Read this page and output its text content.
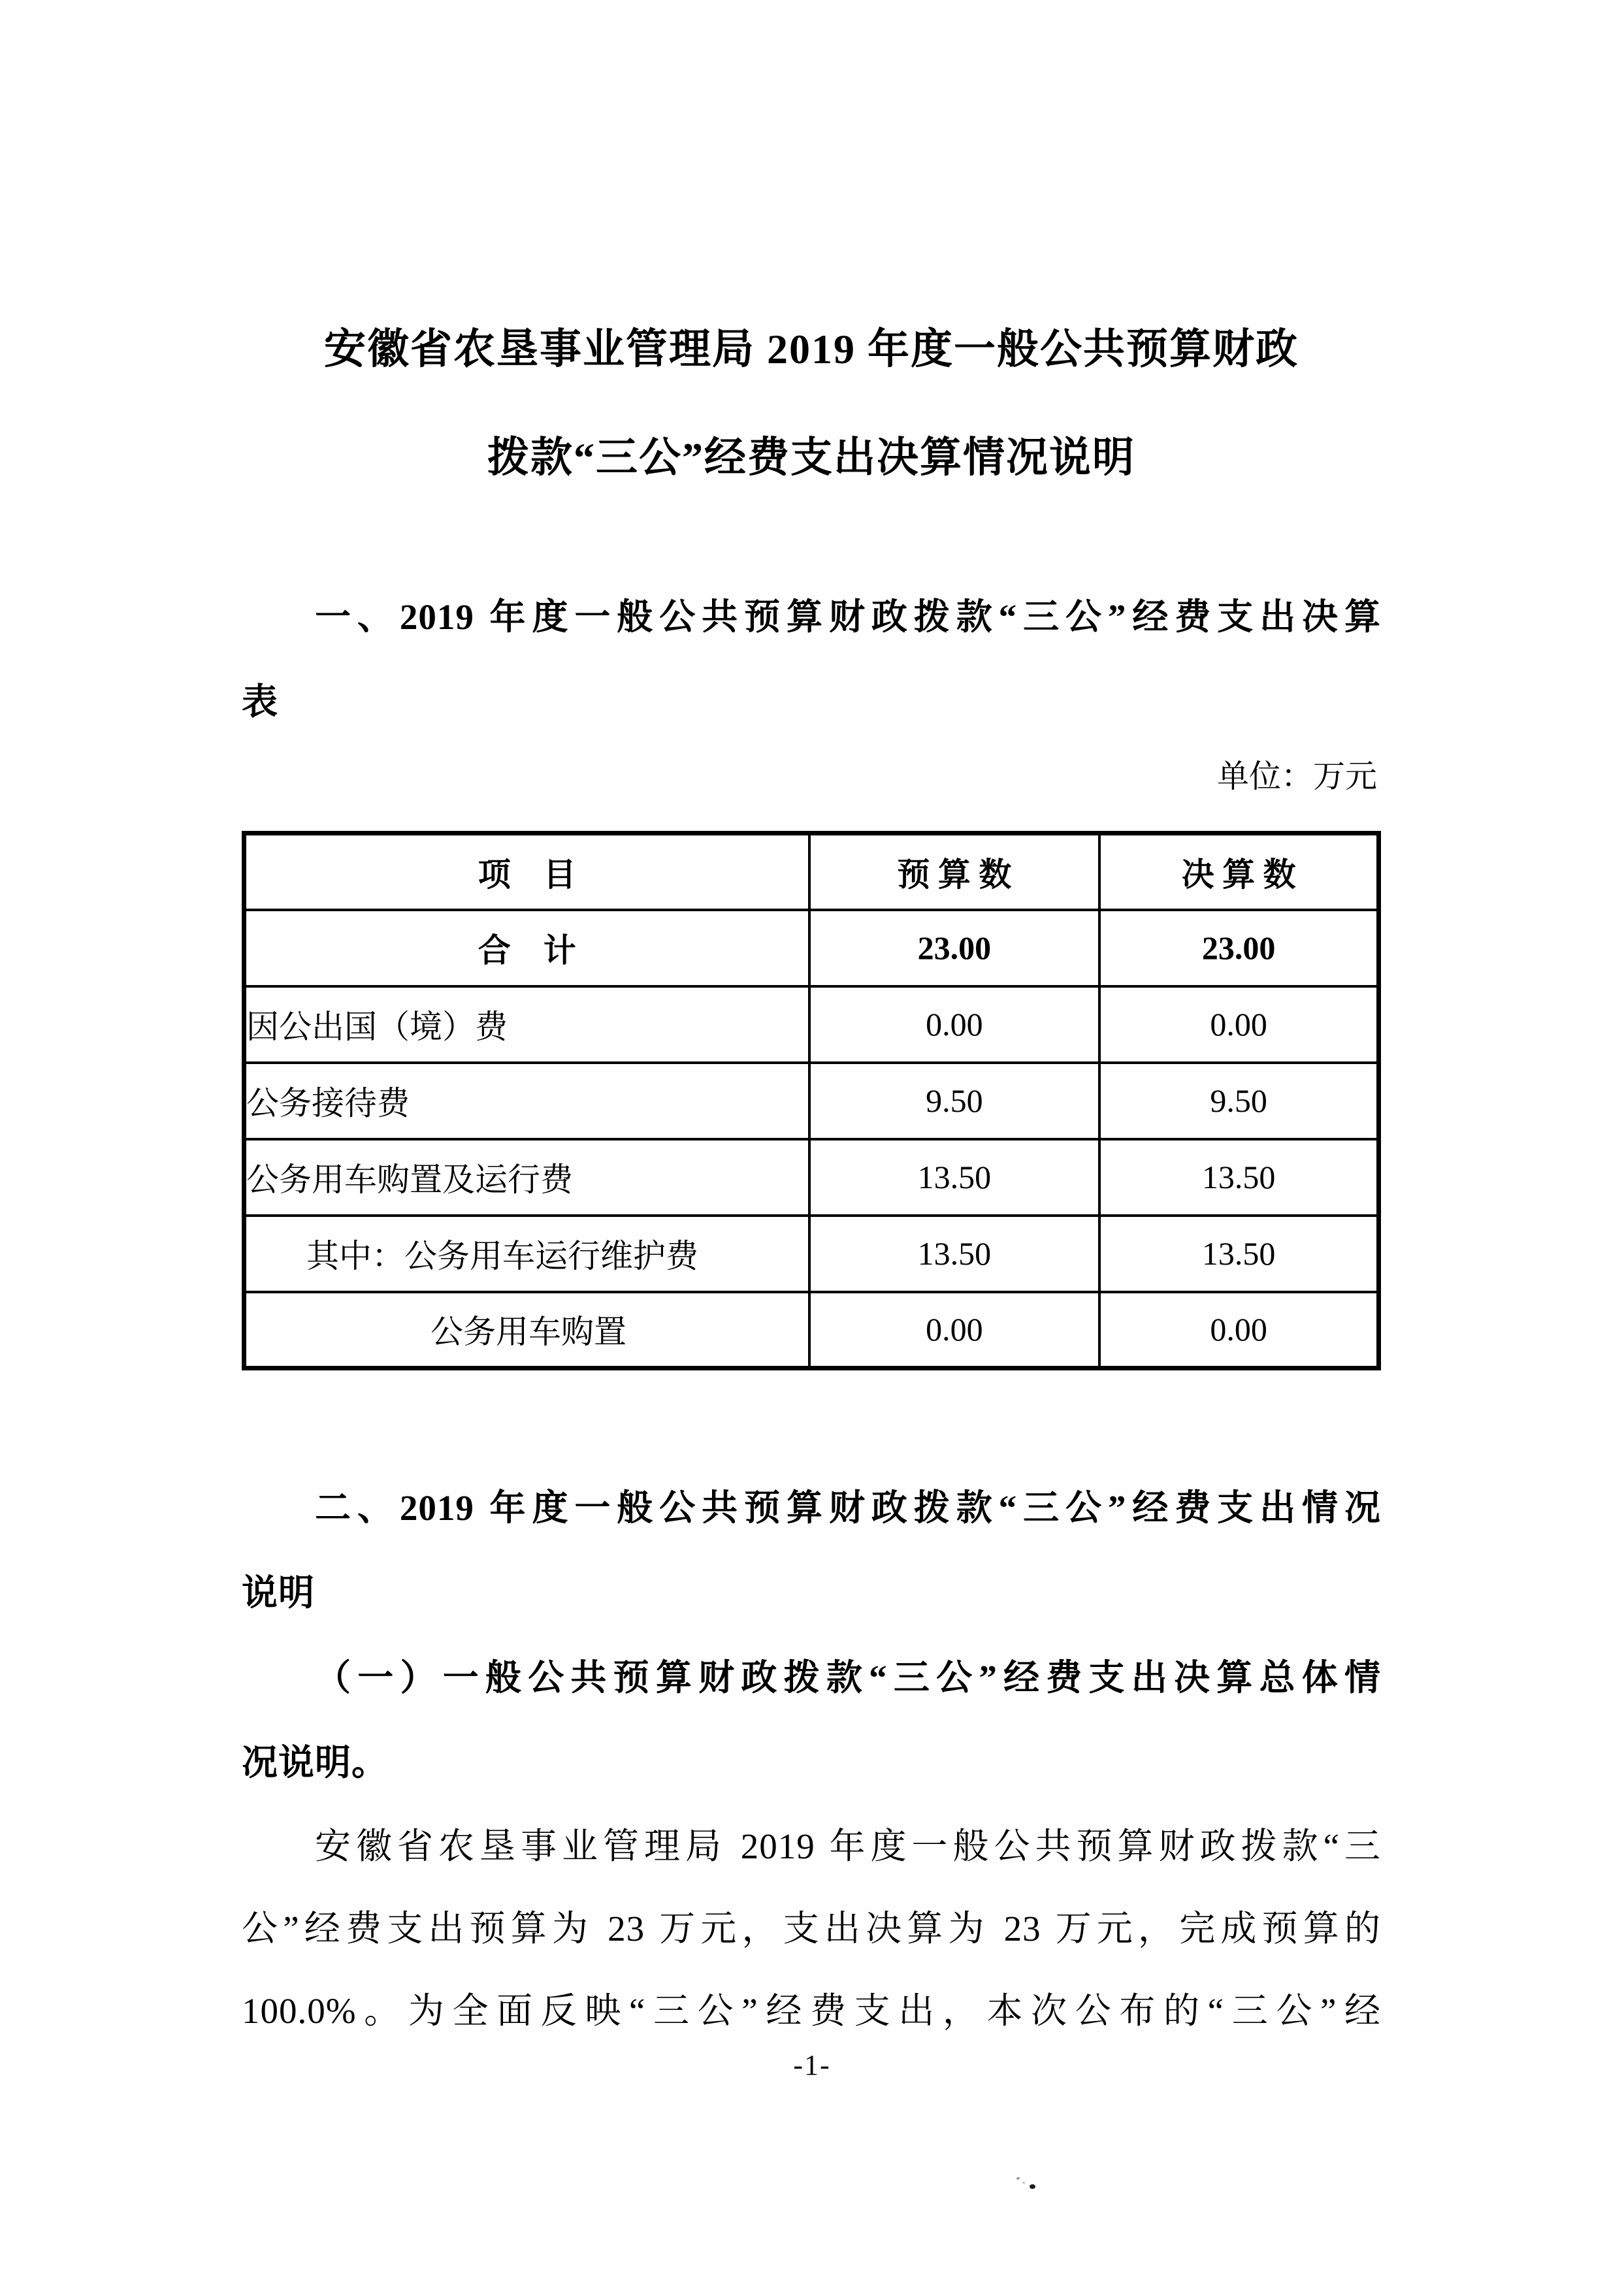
安徽省农垦事业管理局 2019 年度一般公共预算财政
拨款“三公”经费支出决算情况说明
一、2019 年度一般公共预算财政拨款“三公”经费支出决算
表
单位：万元
项　目	预 算 数	决 算 数
合　计	23.00	23.00
因公出国（境）费	0.00	0.00
公务接待费	9.50	9.50
公务用车购置及运行费	13.50	13.50
其中：公务用车运行维护费	13.50	13.50
公务用车购置	0.00	0.00
二、2019 年度一般公共预算财政拨款“三公”经费支出情况
说明
（一）一般公共预算财政拨款“三公”经费支出决算总体情
况说明。
安徽省农垦事业管理局 2019 年度一般公共预算财政拨款“三
公”经费支出预算为 23 万元，支出决算为 23 万元，完成预算的
100.0%。为全面反映“三公”经费支出，本次公布的“三公”经
-1-
